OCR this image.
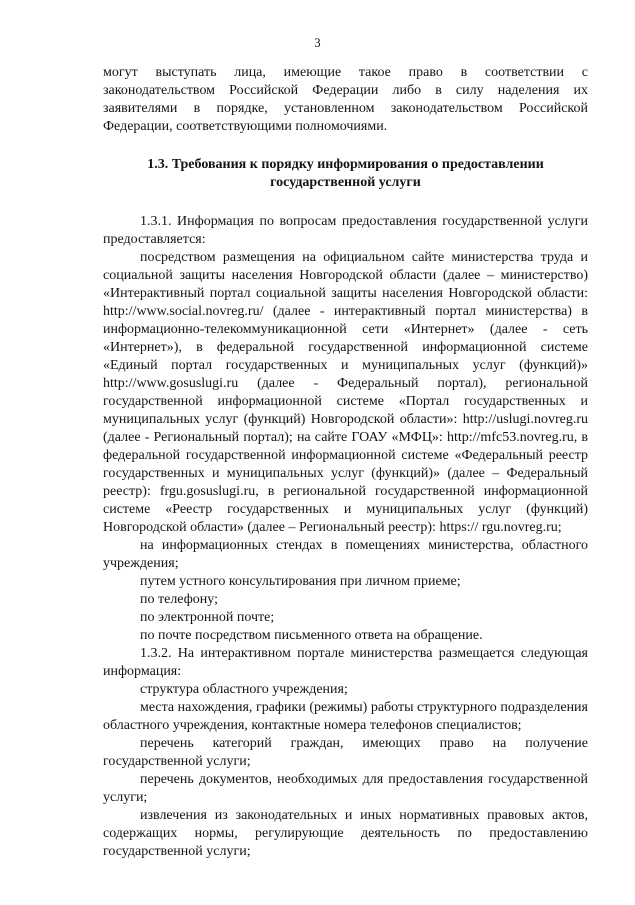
3

могут выступать лица, имеющие такое право в соответствии с законодательством Российской Федерации либо в силу наделения их заявителями в порядке, установленном законодательством Российской Федерации, соответствующими полномочиями.

1.3. Требования к порядку информирования о предоставлении
государственной услуги

1.3.1. Информация по вопросам предоставления государственной услуги предоставляется:

посредством размещения на официальном сайте министерства труда и социальной защиты населения Новгородской области (далее – министерство) «Интерактивный портал социальной защиты населения Новгородской области: http://www.social.novreg.ru/ (далее - интерактивный портал министерства) в информационно-телекоммуникационной сети «Интернет» (далее - сеть «Интернет»), в федеральной государственной информационной системе «Единый портал государственных и муниципальных услуг (функций)» http://www.gosuslugi.ru (далее - Федеральный портал), региональной государственной информационной системе «Портал государственных и муниципальных услуг (функций) Новгородской области»: http://uslugi.novreg.ru (далее - Региональный портал); на сайте ГОАУ «МФЦ»: http://mfc53.novreg.ru, в федеральной государственной информационной системе «Федеральный реестр государственных и муниципальных услуг (функций)» (далее – Федеральный реестр): frgu.gosuslugi.ru, в региональной государственной информационной системе «Реестр государственных и муниципальных услуг (функций) Новгородской области» (далее – Региональный реестр): https:// rgu.novreg.ru;

на информационных стендах в помещениях министерства, областного учреждения;

путем устного консультирования при личном приеме;

по телефону;

по электронной почте;

по почте посредством письменного ответа на обращение.

1.3.2. На интерактивном портале министерства размещается следующая информация:

структура областного учреждения;

места нахождения, графики (режимы) работы структурного подразделения областного учреждения, контактные номера телефонов специалистов;

перечень категорий граждан, имеющих право на получение государственной услуги;

перечень документов, необходимых для предоставления государственной услуги;

извлечения из законодательных и иных нормативных правовых актов, содержащих нормы, регулирующие деятельность по предоставлению государственной услуги;
